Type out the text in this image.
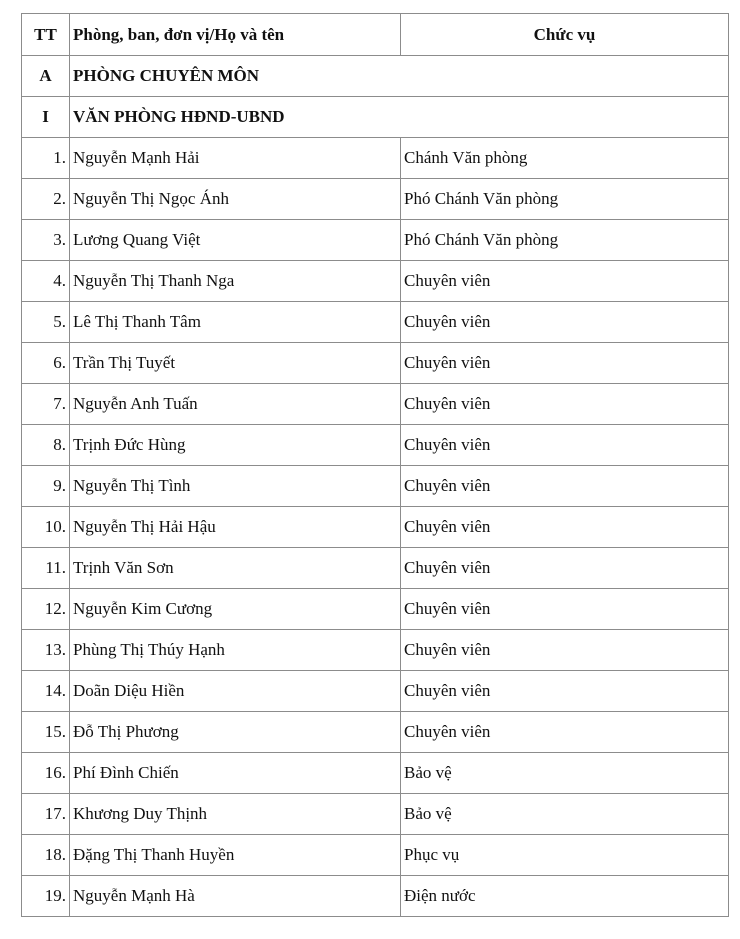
TT	Phòng, ban, đơn vị/Họ và tên	Chức vụ
A	PHÒNG CHUYÊN MÔN	
I	VĂN PHÒNG HĐND-UBND	
1.	Nguyễn Mạnh Hải	Chánh Văn phòng
2.	Nguyễn Thị Ngọc Ánh	Phó Chánh Văn phòng
3.	Lương Quang Việt	Phó Chánh Văn phòng
4.	Nguyễn Thị Thanh Nga	Chuyên viên
5.	Lê Thị Thanh Tâm	Chuyên viên
6.	Trần Thị Tuyết	Chuyên viên
7.	Nguyễn Anh Tuấn	Chuyên viên
8.	Trịnh Đức Hùng	Chuyên viên
9.	Nguyễn Thị Tình	Chuyên viên
10.	Nguyễn Thị Hải Hậu	Chuyên viên
11.	Trịnh Văn Sơn	Chuyên viên
12.	Nguyễn Kim Cương	Chuyên viên
13.	Phùng Thị Thúy Hạnh	Chuyên viên
14.	Doãn Diệu Hiền	Chuyên viên
15.	Đỗ Thị Phương	Chuyên viên
16.	Phí Đình Chiến	Bảo vệ
17.	Khương Duy Thịnh	Bảo vệ
18.	Đặng Thị Thanh Huyền	Phục vụ
19.	Nguyễn Mạnh Hà	Điện nước
